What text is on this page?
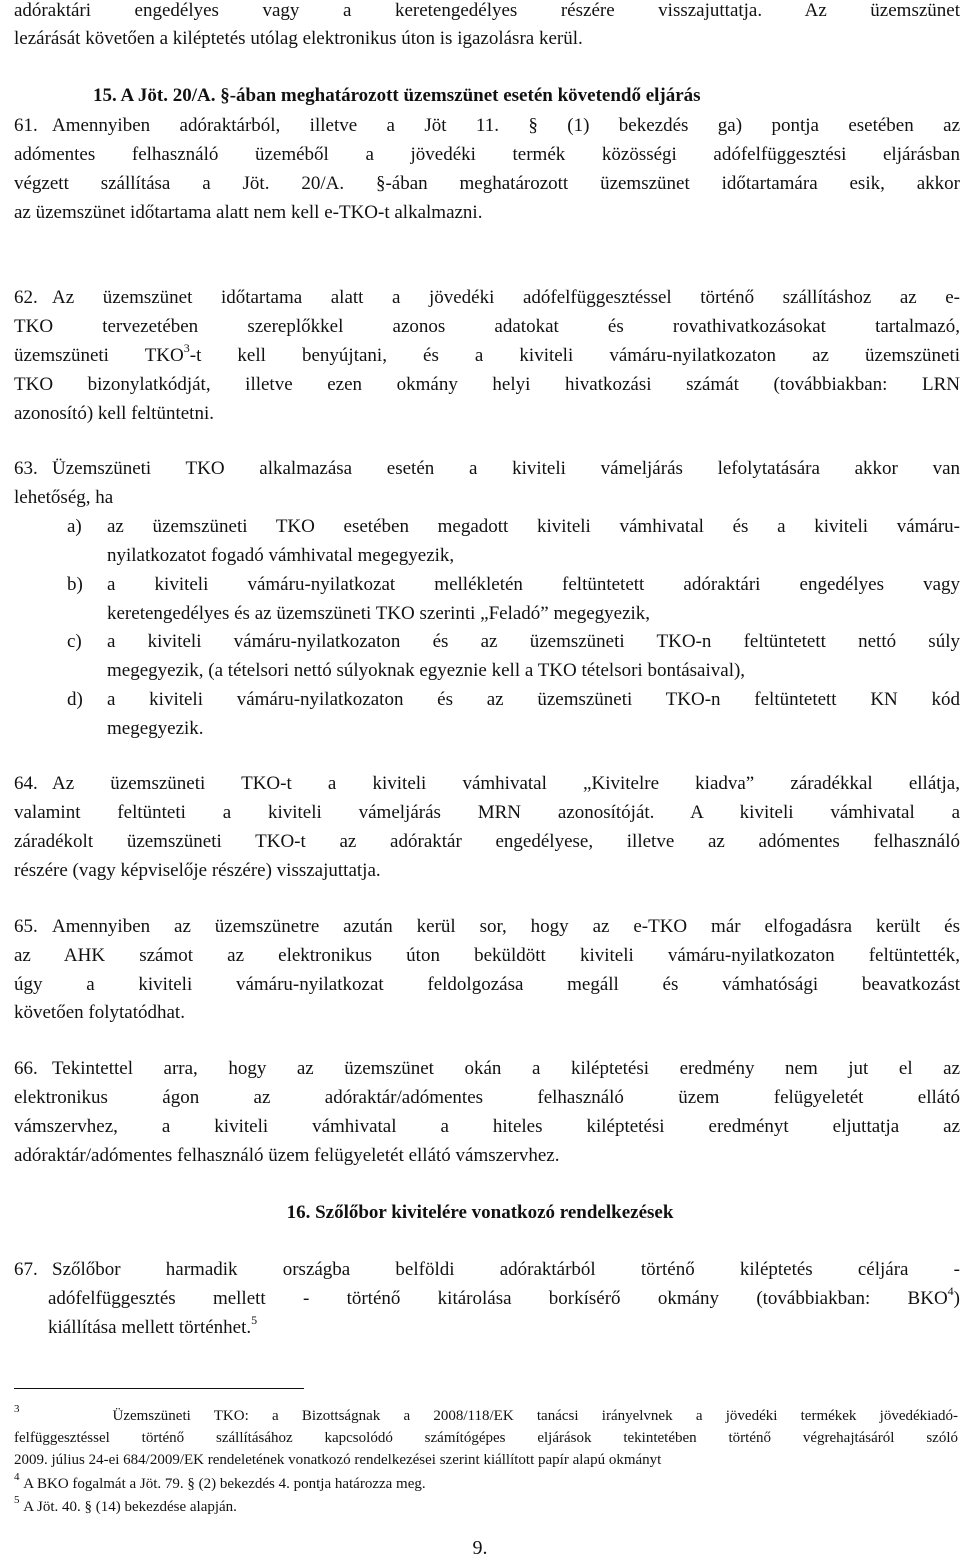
adóraktári engedélyes vagy a keretengedélyes részére visszajuttatja. Az üzemszünet
lezárását követően a kiléptetés utólag elektronikus úton is igazolásra kerül.
15. A Jöt. 20/A. §-ában meghatározott üzemszünet esetén követendő eljárás
61. Amennyiben adóraktárból, illetve a Jöt 11. § (1) bekezdés ga) pontja esetében az
adómentes felhasználó üzeméből a jövedéki termék közösségi adófelfüggesztési eljárásban
végzett szállítása a Jöt. 20/A. §-ában meghatározott üzemszünet időtartamára esik, akkor
az üzemszünet időtartama alatt nem kell e-TKO-t alkalmazni.
62. Az üzemszünet időtartama alatt a jövedéki adófelfüggesztéssel történő szállításhoz az e-
TKO tervezetében szereplőkkel azonos adatokat és rovathivatkozásokat tartalmazó,
üzemszüneti TKO$^3$-t kell benyújtani, és a kiviteli vámáru-nyilatkozaton az üzemszüneti
TKO bizonylatkódját, illetve ezen okmány helyi hivatkozási számát (továbbiakban: LRN
azonosító) kell feltüntetni.
63. Üzemszüneti TKO alkalmazása esetén a kiviteli vámeljárás lefolytatására akkor van
lehetőség, ha
a) az üzemszüneti TKO esetében megadott kiviteli vámhivatal és a kiviteli vámáru-
nyilatkozatot fogadó vámhivatal megegyezik,
b) a kiviteli vámáru-nyilatkozat mellékletén feltüntetett adóraktári engedélyes vagy
keretengedélyes és az üzemszüneti TKO szerinti „Feladó” megegyezik,
c) a kiviteli vámáru-nyilatkozaton és az üzemszüneti TKO-n feltüntetett nettó súly
megegyezik, (a tételsori nettó súlyoknak egyeznie kell a TKO tételsori bontásaival),
d) a kiviteli vámáru-nyilatkozaton és az üzemszüneti TKO-n feltüntetett KN kód
megegyezik.
64. Az üzemszüneti TKO-t a kiviteli vámhivatal „Kivitelre kiadva” záradékkal ellátja,
valamint feltünteti a kiviteli vámeljárás MRN azonosítóját. A kiviteli vámhivatal a
záradékolt üzemszüneti TKO-t az adóraktár engedélyese, illetve az adómentes felhasználó
részére (vagy képviselője részére) visszajuttatja.
65. Amennyiben az üzemszünetre azután kerül sor, hogy az e-TKO már elfogadásra került és
az AHK számot az elektronikus úton beküldött kiviteli vámáru-nyilatkozaton feltüntették,
úgy a kiviteli vámáru-nyilatkozat feldolgozása megáll és vámhatósági beavatkozást
követően folytatódhat.
66. Tekintettel arra, hogy az üzemszünet okán a kiléptetési eredmény nem jut el az
elektronikus ágon az adóraktár/adómentes felhasználó üzem felügyeletét ellátó
vámszervhez, a kiviteli vámhivatal a hiteles kiléptetési eredményt eljuttatja az
adóraktár/adómentes felhasználó üzem felügyeletét ellátó vámszervhez.
16. Szőlőbor kivitelére vonatkozó rendelkezések
67. Szőlőbor harmadik országba belföldi adóraktárból történő kiléptetés céljára -
adófelfüggesztés mellett - történő kitárolása borkísérő okmány (továbbiakban: BKO$^4$)
kiállítása mellett történhet.$^5$
$^3$	Üzemszüneti TKO: a Bizottságnak a 2008/118/EK tanácsi irányelvnek a jövedéki termékek jövedékiadó-
felfüggesztéssel történő szállításához kapcsolódó számítógépes eljárások tekintetében történő végrehajtásáról szóló
2009. július 24-ei 684/2009/EK rendeletének vonatkozó rendelkezései szerint kiállított papír alapú okmányt
$^4$ A BKO fogalmát a Jöt. 79. § (2) bekezdés 4. pontja határozza meg.
$^5$ A Jöt. 40. § (14) bekezdése alapján.
9.
